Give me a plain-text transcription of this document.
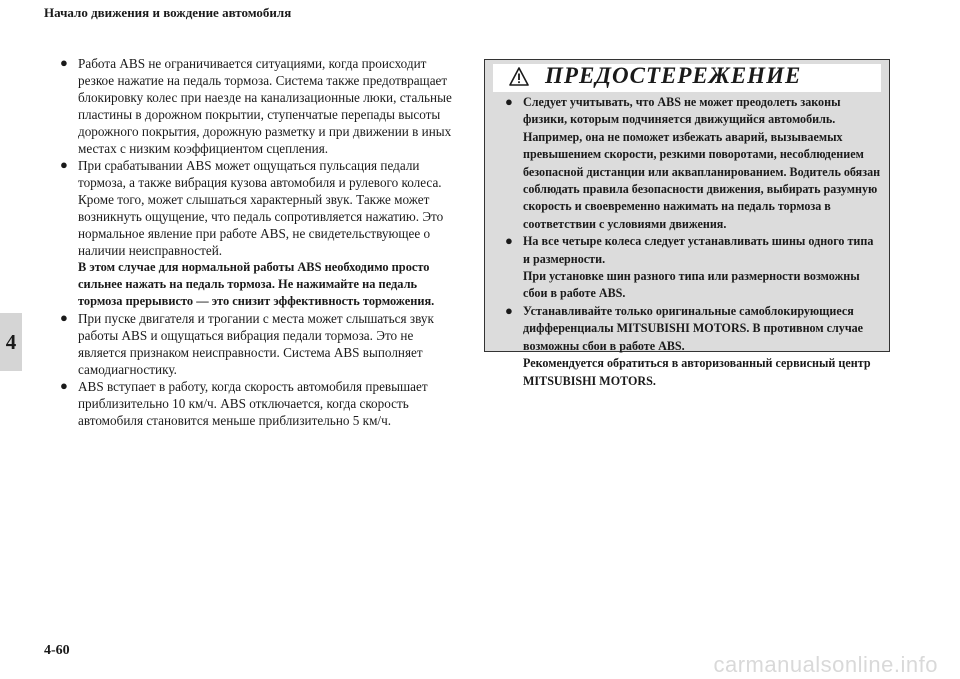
Начало движения и вождение автомобиля
4
● Работа ABS не ограничивается ситуациями, когда происходит резкое нажатие на педаль тормоза. Система также предотвращает блокировку колес при наезде на канализационные люки, стальные пластины в дорожном покрытии, ступенчатые перепады высоты дорожного покрытия, дорожную разметку и при движении в иных местах с низким коэффициентом сцепления.
● При срабатывании ABS может ощущаться пульсация педали тормоза, а также вибрация кузова автомобиля и рулевого колеса. Кроме того, может слышаться характерный звук. Также может возникнуть ощущение, что педаль сопротивляется нажатию. Это нормальное явление при работе ABS, не свидетельствующее о наличии неисправностей.
В этом случае для нормальной работы ABS необходимо просто сильнее нажать на педаль тормоза. Не нажимайте на педаль тормоза прерывисто — это снизит эффективность торможения.
● При пуске двигателя и трогании с места может слышаться звук работы ABS и ощущаться вибрация педали тормоза. Это не является признаком неисправности. Система ABS выполняет самодиагностику.
● ABS вступает в работу, когда скорость автомобиля превышает приблизительно 10 км/ч. ABS отключается, когда скорость автомобиля становится меньше приблизительно 5 км/ч.
ПРЕДОСТЕРЕЖЕНИЕ
● Следует учитывать, что ABS не может преодолеть законы физики, которым подчиняется движущийся автомобиль. Например, она не поможет избежать аварий, вызываемых превышением скорости, резкими поворотами, несоблюдением безопасной дистанции или аквапланированием. Водитель обязан соблюдать правила безопасности движения, выбирать разумную скорость и своевременно нажимать на педаль тормоза в соответствии с условиями движения.
● На все четыре колеса следует устанавливать шины одного типа и размерности.
При установке шин разного типа или размерности возможны сбои в работе ABS.
● Устанавливайте только оригинальные самоблокирующиеся дифференциалы MITSUBISHI MOTORS. В противном случае возможны сбои в работе ABS.
Рекомендуется обратиться в авторизованный сервисный центр MITSUBISHI MOTORS.
4-60
carmanualsonline.info
